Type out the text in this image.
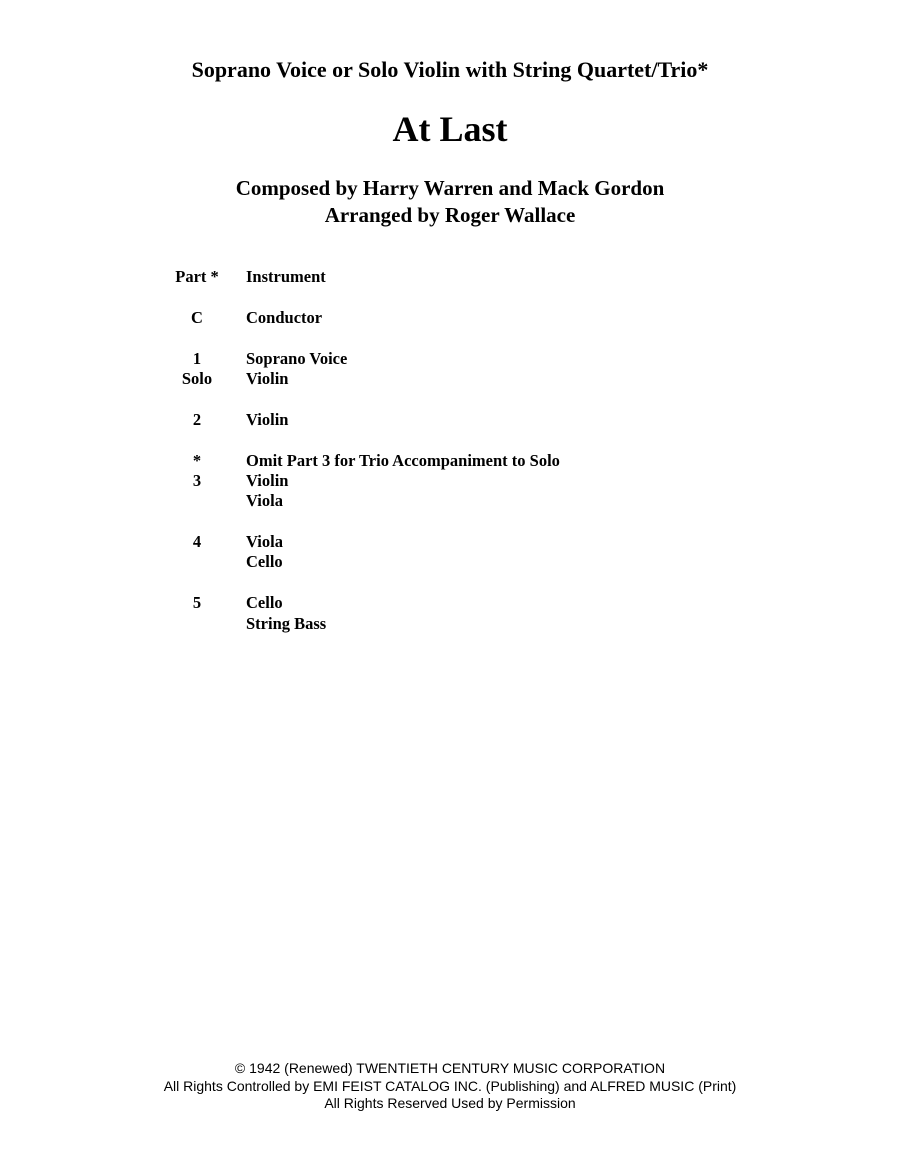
Soprano Voice or Solo Violin with String Quartet/Trio*
At Last
Composed by Harry Warren and Mack Gordon
Arranged by Roger Wallace
Part *	Instrument
C	Conductor
1	Soprano Voice
Solo	Violin
2	Violin
*	Omit Part 3 for Trio Accompaniment to Solo
3	Violin
Viola
4	Viola
Cello
5	Cello
String Bass
© 1942 (Renewed) TWENTIETH CENTURY MUSIC CORPORATION
All Rights Controlled by EMI FEIST CATALOG INC. (Publishing) and ALFRED MUSIC (Print)
All Rights Reserved Used by Permission
